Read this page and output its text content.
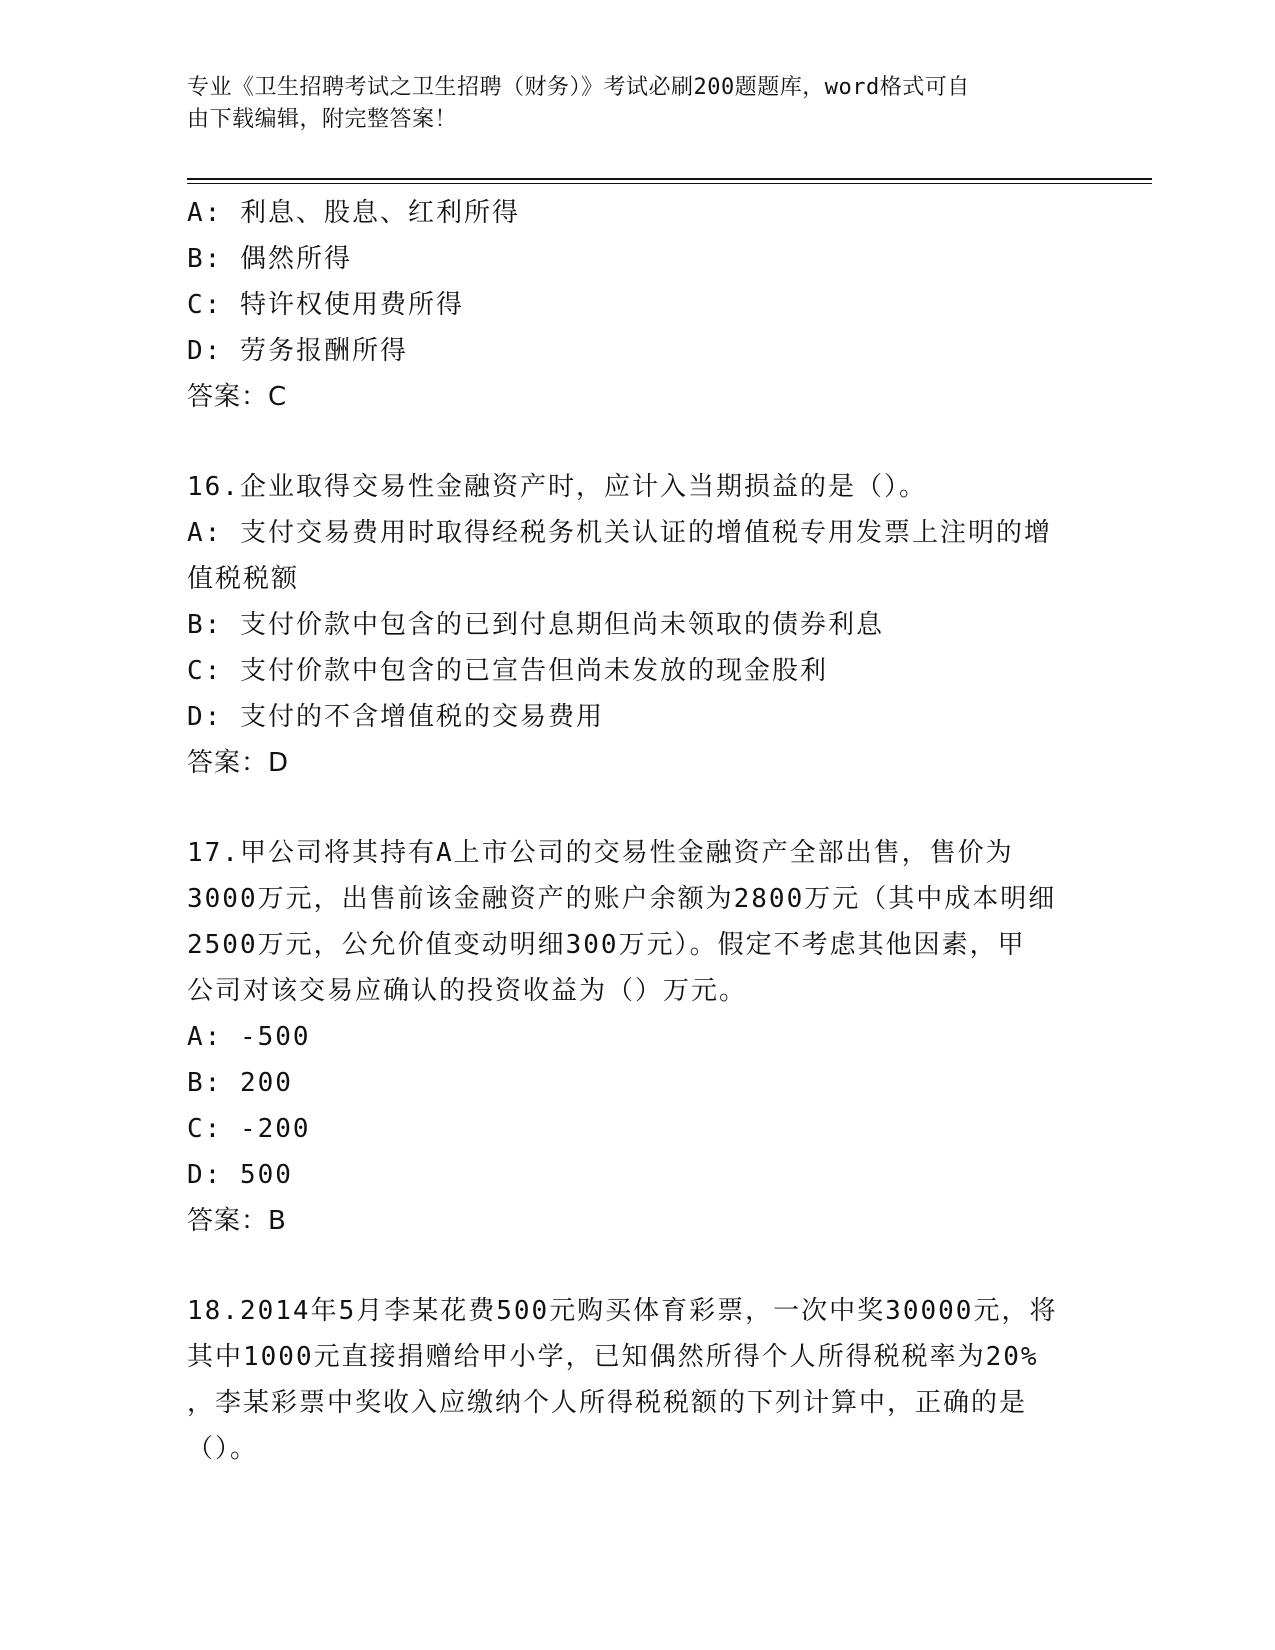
专业《卫生招聘考试之卫生招聘（财务）》考试必刷200题题库，word格式可自
由下载编辑，附完整答案！
A: 利息、股息、红利所得
B: 偶然所得
C: 特许权使用费所得
D: 劳务报酬所得
答案：C
16.企业取得交易性金融资产时，应计入当期损益的是（）。
A: 支付交易费用时取得经税务机关认证的增值税专用发票上注明的增
值税税额
B: 支付价款中包含的已到付息期但尚未领取的债券利息
C: 支付价款中包含的已宣告但尚未发放的现金股利
D: 支付的不含增值税的交易费用
答案：D
17.甲公司将其持有A上市公司的交易性金融资产全部出售，售价为
3000万元，出售前该金融资产的账户余额为2800万元（其中成本明细
2500万元，公允价值变动明细300万元）。假定不考虑其他因素，甲
公司对该交易应确认的投资收益为（）万元。
A: -500
B: 200
C: -200
D: 500
答案：B
18.2014年5月李某花费500元购买体育彩票，一次中奖30000元，将
其中1000元直接捐赠给甲小学，已知偶然所得个人所得税税率为20%
，李某彩票中奖收入应缴纳个人所得税税额的下列计算中，正确的是
（）。
